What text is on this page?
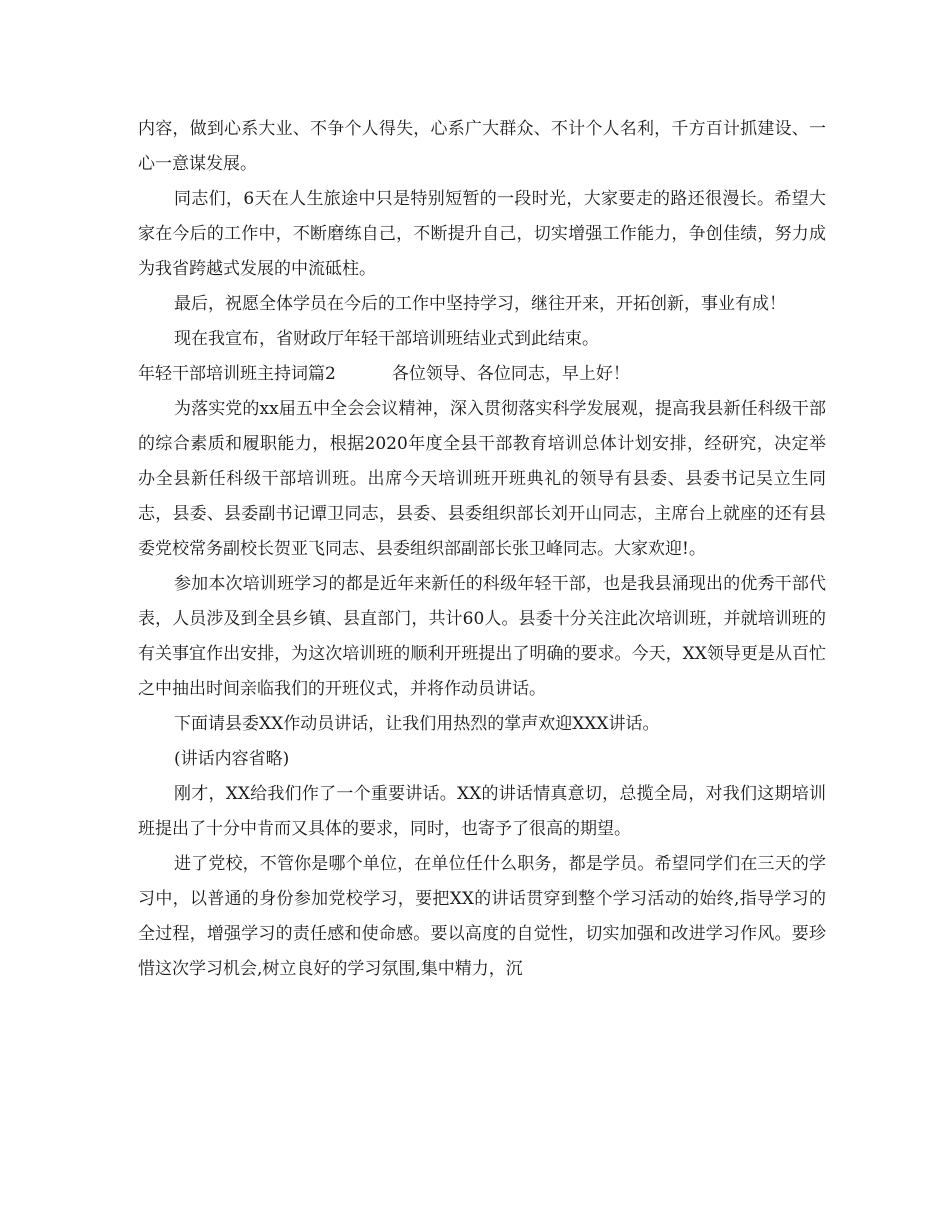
内容，做到心系大业、不争个人得失，心系广大群众、不计个人名利，千方百计抓建设、一心一意谋发展。

同志们，6天在人生旅途中只是特别短暂的一段时光，大家要走的路还很漫长。希望大家在今后的工作中，不断磨练自己，不断提升自己，切实增强工作能力，争创佳绩，努力成为我省跨越式发展的中流砥柱。

最后，祝愿全体学员在今后的工作中坚持学习，继往开来，开拓创新，事业有成！

现在我宣布，省财政厅年轻干部培训班结业式到此结束。

年轻干部培训班主持词篇2	各位领导、各位同志，早上好！

为落实党的xx届五中全会会议精神，深入贯彻落实科学发展观，提高我县新任科级干部的综合素质和履职能力，根据2020年度全县干部教育培训总体计划安排，经研究，决定举办全县新任科级干部培训班。出席今天培训班开班典礼的领导有县委、县委书记吴立生同志，县委、县委副书记谭卫同志，县委、县委组织部长刘开山同志，主席台上就座的还有县委党校常务副校长贺亚飞同志、县委组织部副部长张卫峰同志。大家欢迎!。

参加本次培训班学习的都是近年来新任的科级年轻干部，也是我县涌现出的优秀干部代表，人员涉及到全县乡镇、县直部门，共计60人。县委十分关注此次培训班，并就培训班的有关事宜作出安排，为这次培训班的顺利开班提出了明确的要求。今天，XX领导更是从百忙之中抽出时间亲临我们的开班仪式，并将作动员讲话。

下面请县委XX作动员讲话，让我们用热烈的掌声欢迎XXX讲话。

(讲话内容省略)

刚才，XX给我们作了一个重要讲话。XX的讲话情真意切，总揽全局，对我们这期培训班提出了十分中肯而又具体的要求，同时，也寄予了很高的期望。

进了党校，不管你是哪个单位，在单位任什么职务，都是学员。希望同学们在三天的学习中，以普通的身份参加党校学习，要把XX的讲话贯穿到整个学习活动的始终,指导学习的全过程，增强学习的责任感和使命感。要以高度的自觉性，切实加强和改进学习作风。要珍惜这次学习机会,树立良好的学习氛围,集中精力，沉
